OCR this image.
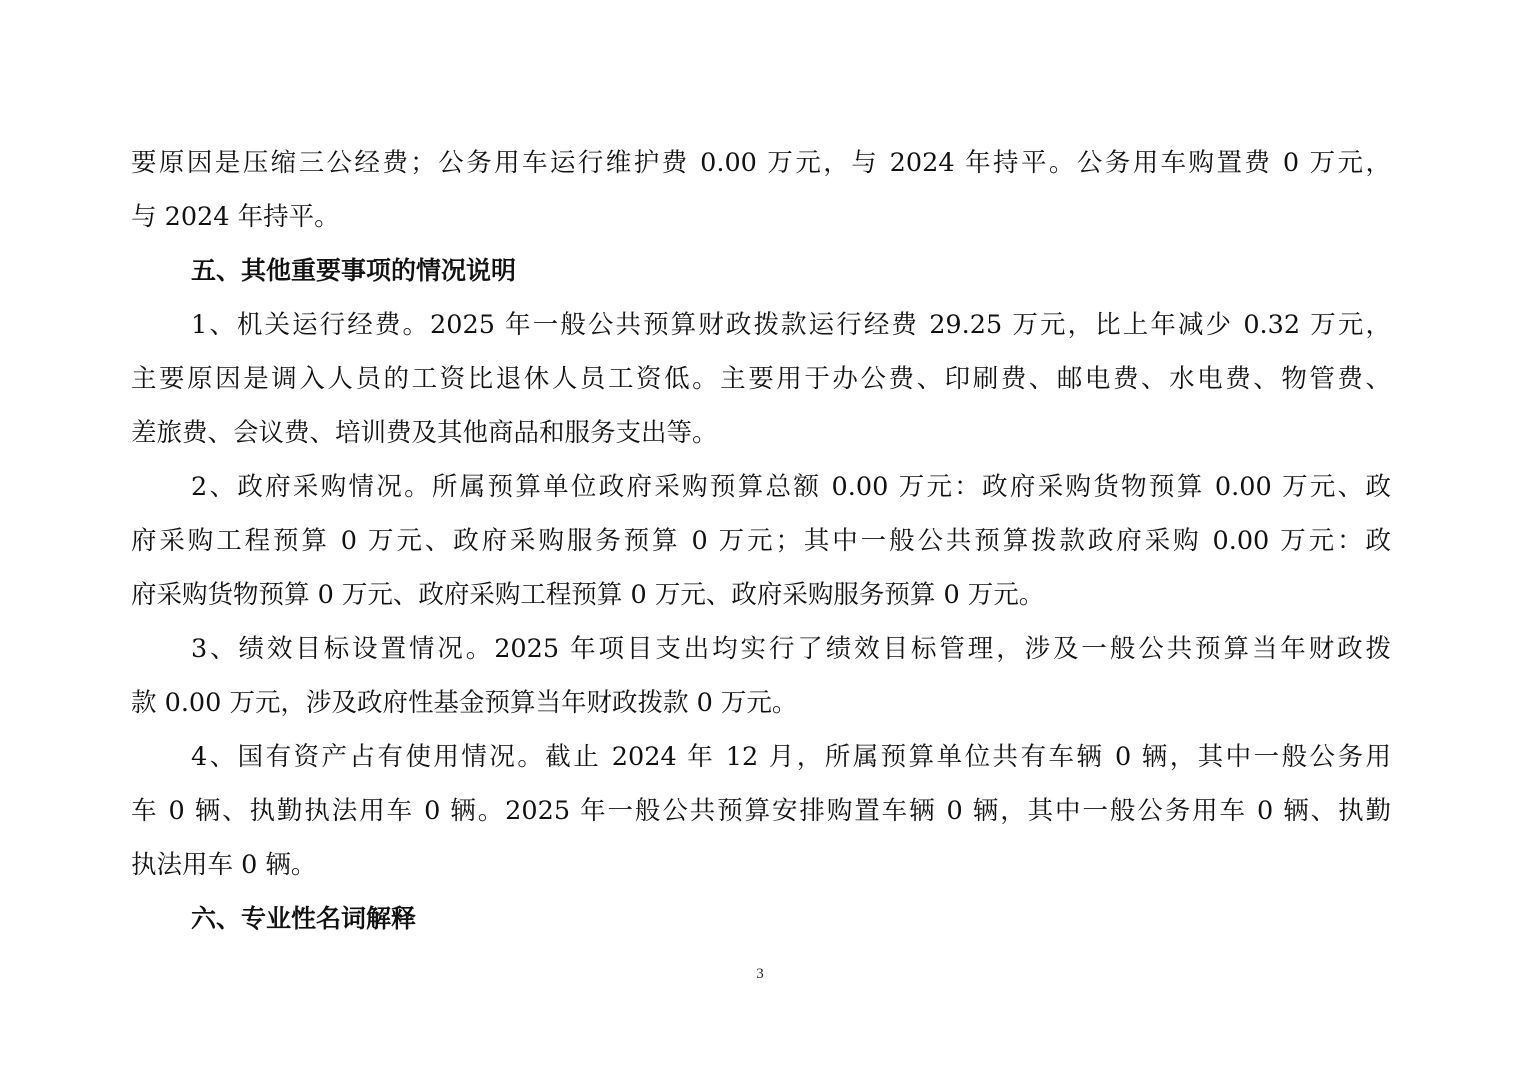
要原因是压缩三公经费；公务用车运行维护费 0.00 万元，与 2024 年持平。公务用车购置费 0 万元，
与 2024 年持平。
五、其他重要事项的情况说明
1、机关运行经费。2025 年一般公共预算财政拨款运行经费 29.25 万元，比上年减少 0.32 万元，
主要原因是调入人员的工资比退休人员工资低。主要用于办公费、印刷费、邮电费、水电费、物管费、
差旅费、会议费、培训费及其他商品和服务支出等。
2、政府采购情况。所属预算单位政府采购预算总额 0.00 万元：政府采购货物预算 0.00 万元、政
府采购工程预算 0 万元、政府采购服务预算 0 万元；其中一般公共预算拨款政府采购 0.00 万元：政
府采购货物预算 0 万元、政府采购工程预算 0 万元、政府采购服务预算 0 万元。
3、绩效目标设置情况。2025 年项目支出均实行了绩效目标管理，涉及一般公共预算当年财政拨
款 0.00 万元，涉及政府性基金预算当年财政拨款 0 万元。
4、国有资产占有使用情况。截止 2024 年 12 月，所属预算单位共有车辆 0 辆，其中一般公务用
车 0 辆、执勤执法用车 0 辆。2025 年一般公共预算安排购置车辆 0 辆，其中一般公务用车 0 辆、执勤
执法用车 0 辆。
六、专业性名词解释
3
